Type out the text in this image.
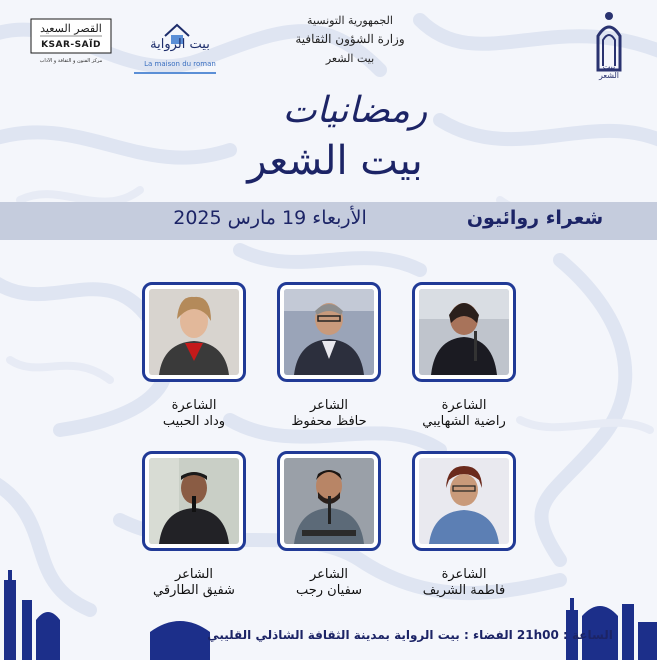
القصر السعيد
KSAR-SAÏD
مركز الفنون و الثقافة و الآداب
بيت الرواية
La maison du roman
الجمهورية التونسية
وزارة الشؤون الثقافية
بيت الشعر
بيت الشعر
رمضانيات
بيت الشعر
الأربعاء 19 مارس 2025	شعراء روائيون
الشاعرة
راضية الشهايبي
الشاعر
حافظ محفوظ
الشاعرة
وداد الحبيب
الشاعرة
فاطمة الشريف
الشاعر
سفيان رجب
الشاعر
شفيق الطارقي
الساعة : 21h00 الفضاء : بيت الرواية بمدينة الثقافة الشاذلي القليبي
